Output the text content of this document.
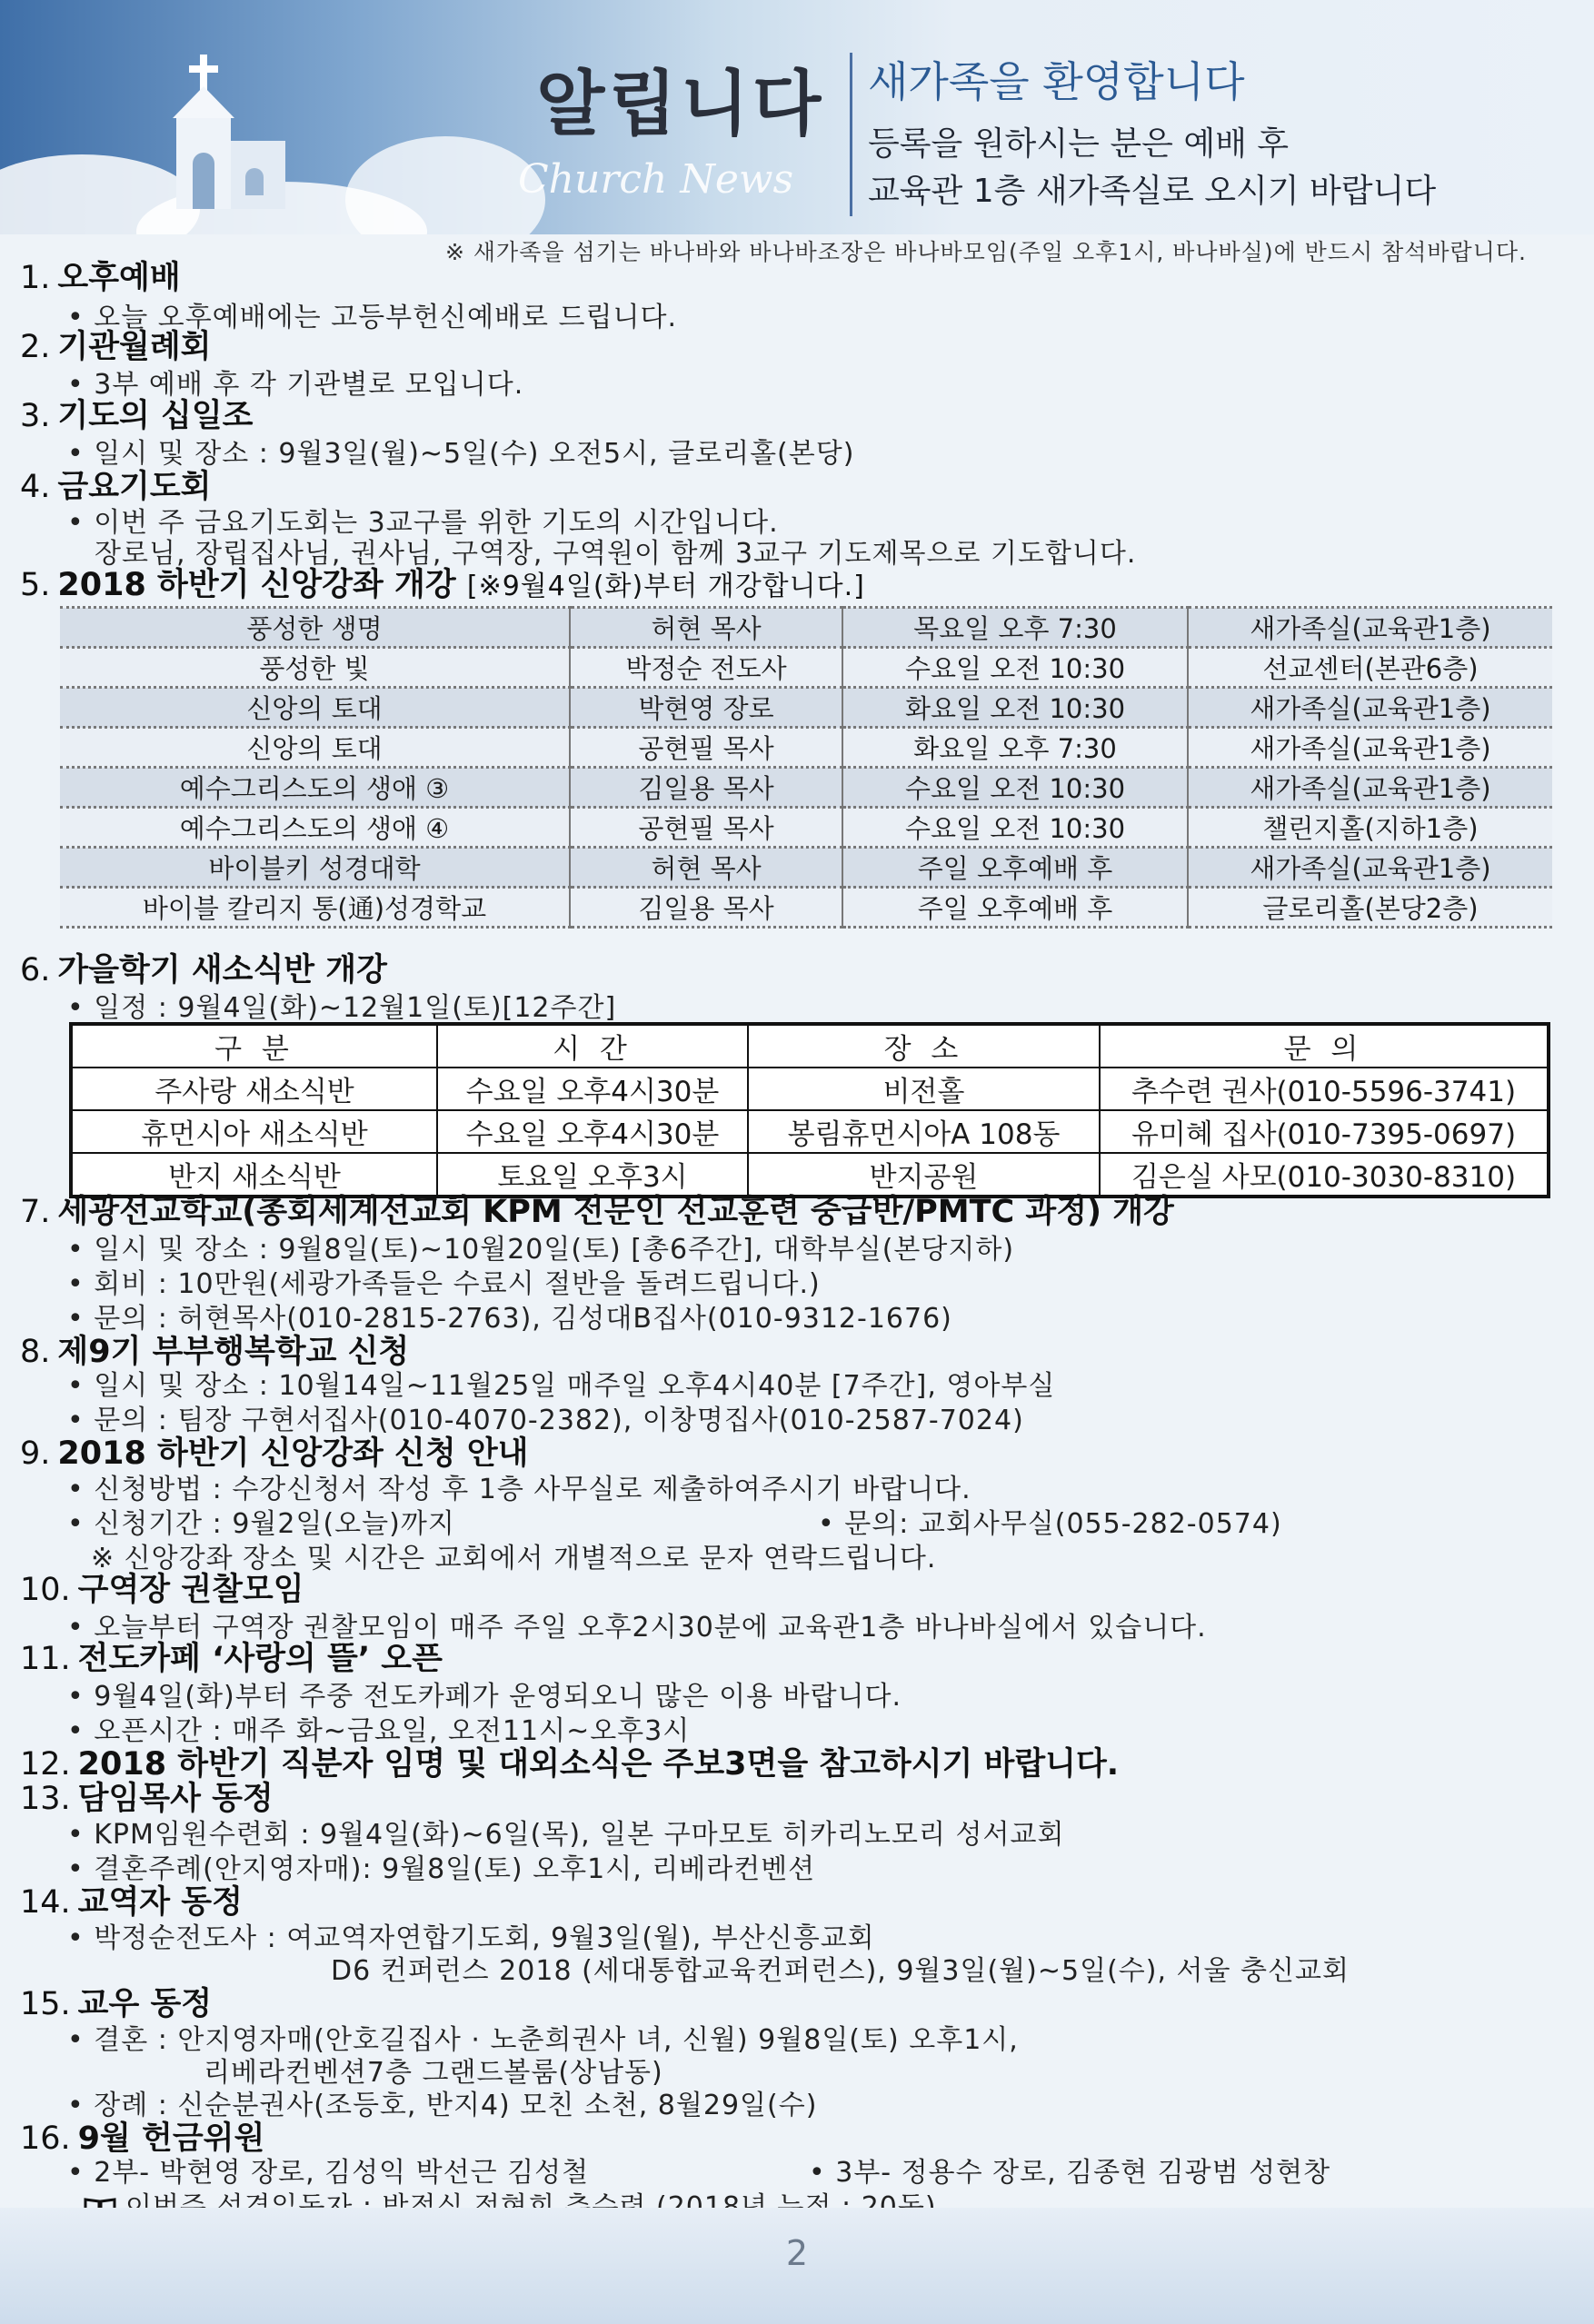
알립니다
Church News
새가족을 환영합니다
등록을 원하시는 분은 예배 후
교육관 1층 새가족실로 오시기 바랍니다
※ 새가족을 섬기는 바나바와 바나바조장은 바나바모임(주일 오후1시, 바나바실)에 반드시 참석바랍니다.
1. 오후예배
• 오늘 오후예배에는 고등부헌신예배로 드립니다.
2. 기관월례회
• 3부 예배 후 각 기관별로 모입니다.
3. 기도의 십일조
• 일시 및 장소 : 9월3일(월)~5일(수) 오전5시, 글로리홀(본당)
4. 금요기도회
• 이번 주 금요기도회는 3교구를 위한 기도의 시간입니다.
장로님, 장립집사님, 권사님, 구역장, 구역원이 함께 3교구 기도제목으로 기도합니다.
5. 2018 하반기 신앙강좌 개강 [※9월4일(화)부터 개강합니다.]
풍성한 생명	허현 목사	목요일 오후 7:30	새가족실(교육관1층)
풍성한 빛	박정순 전도사	수요일 오전 10:30	선교센터(본관6층)
신앙의 토대	박현영 장로	화요일 오전 10:30	새가족실(교육관1층)
신앙의 토대	공현필 목사	화요일 오후 7:30	새가족실(교육관1층)
예수그리스도의 생애 ③	김일용 목사	수요일 오전 10:30	새가족실(교육관1층)
예수그리스도의 생애 ④	공현필 목사	수요일 오전 10:30	챌린지홀(지하1층)
바이블키 성경대학	허현 목사	주일 오후예배 후	새가족실(교육관1층)
바이블 칼리지 통(通)성경학교	김일용 목사	주일 오후예배 후	글로리홀(본당2층)
6. 가을학기 새소식반 개강
• 일정 : 9월4일(화)~12월1일(토)[12주간]
구 분	시 간	장 소	문 의
주사랑 새소식반	수요일 오후4시30분	비전홀	추수련 권사(010-5596-3741)
휴먼시아 새소식반	수요일 오후4시30분	봉림휴먼시아A 108동	유미혜 집사(010-7395-0697)
반지 새소식반	토요일 오후3시	반지공원	김은실 사모(010-3030-8310)
7. 세광선교학교(총회세계선교회 KPM 전문인 선교훈련 중급반/PMTC 과정) 개강
• 일시 및 장소 : 9월8일(토)~10월20일(토) [총6주간], 대학부실(본당지하)
• 회비 : 10만원(세광가족들은 수료시 절반을 돌려드립니다.)
• 문의 : 허현목사(010-2815-2763), 김성대B집사(010-9312-1676)
8. 제9기 부부행복학교 신청
• 일시 및 장소 : 10월14일~11월25일 매주일 오후4시40분 [7주간], 영아부실
• 문의 : 팀장 구현서집사(010-4070-2382), 이창명집사(010-2587-7024)
9. 2018 하반기 신앙강좌 신청 안내
• 신청방법 : 수강신청서 작성 후 1층 사무실로 제출하여주시기 바랍니다.
• 신청기간 : 9월2일(오늘)까지	• 문의: 교회사무실(055-282-0574)
※ 신앙강좌 장소 및 시간은 교회에서 개별적으로 문자 연락드립니다.
10. 구역장 권찰모임
• 오늘부터 구역장 권찰모임이 매주 주일 오후2시30분에 교육관1층 바나바실에서 있습니다.
11. 전도카페 ‘사랑의 뜰’ 오픈
• 9월4일(화)부터 주중 전도카페가 운영되오니 많은 이용 바랍니다.
• 오픈시간 : 매주 화~금요일, 오전11시~오후3시
12. 2018 하반기 직분자 임명 및 대외소식은 주보3면을 참고하시기 바랍니다.
13. 담임목사 동정
• KPM임원수련회 : 9월4일(화)~6일(목), 일본 구마모토 히카리노모리 성서교회
• 결혼주례(안지영자매): 9월8일(토) 오후1시, 리베라컨벤션
14. 교역자 동정
• 박정순전도사 : 여교역자연합기도회, 9월3일(월), 부산신흥교회
D6 컨퍼런스 2018 (세대통합교육컨퍼런스), 9월3일(월)~5일(수), 서울 충신교회
15. 교우 동정
• 결혼 : 안지영자매(안호길집사 · 노춘희권사 녀, 신월) 9월8일(토) 오후1시,
리베라컨벤션7층 그랜드볼룸(상남동)
• 장례 : 신순분권사(조등호, 반지4) 모친 소천, 8월29일(수)
16. 9월 헌금위원
• 2부- 박현영 장로, 김성익 박선근 김성철	• 3부- 정용수 장로, 김종현 김광범 성현창
2
